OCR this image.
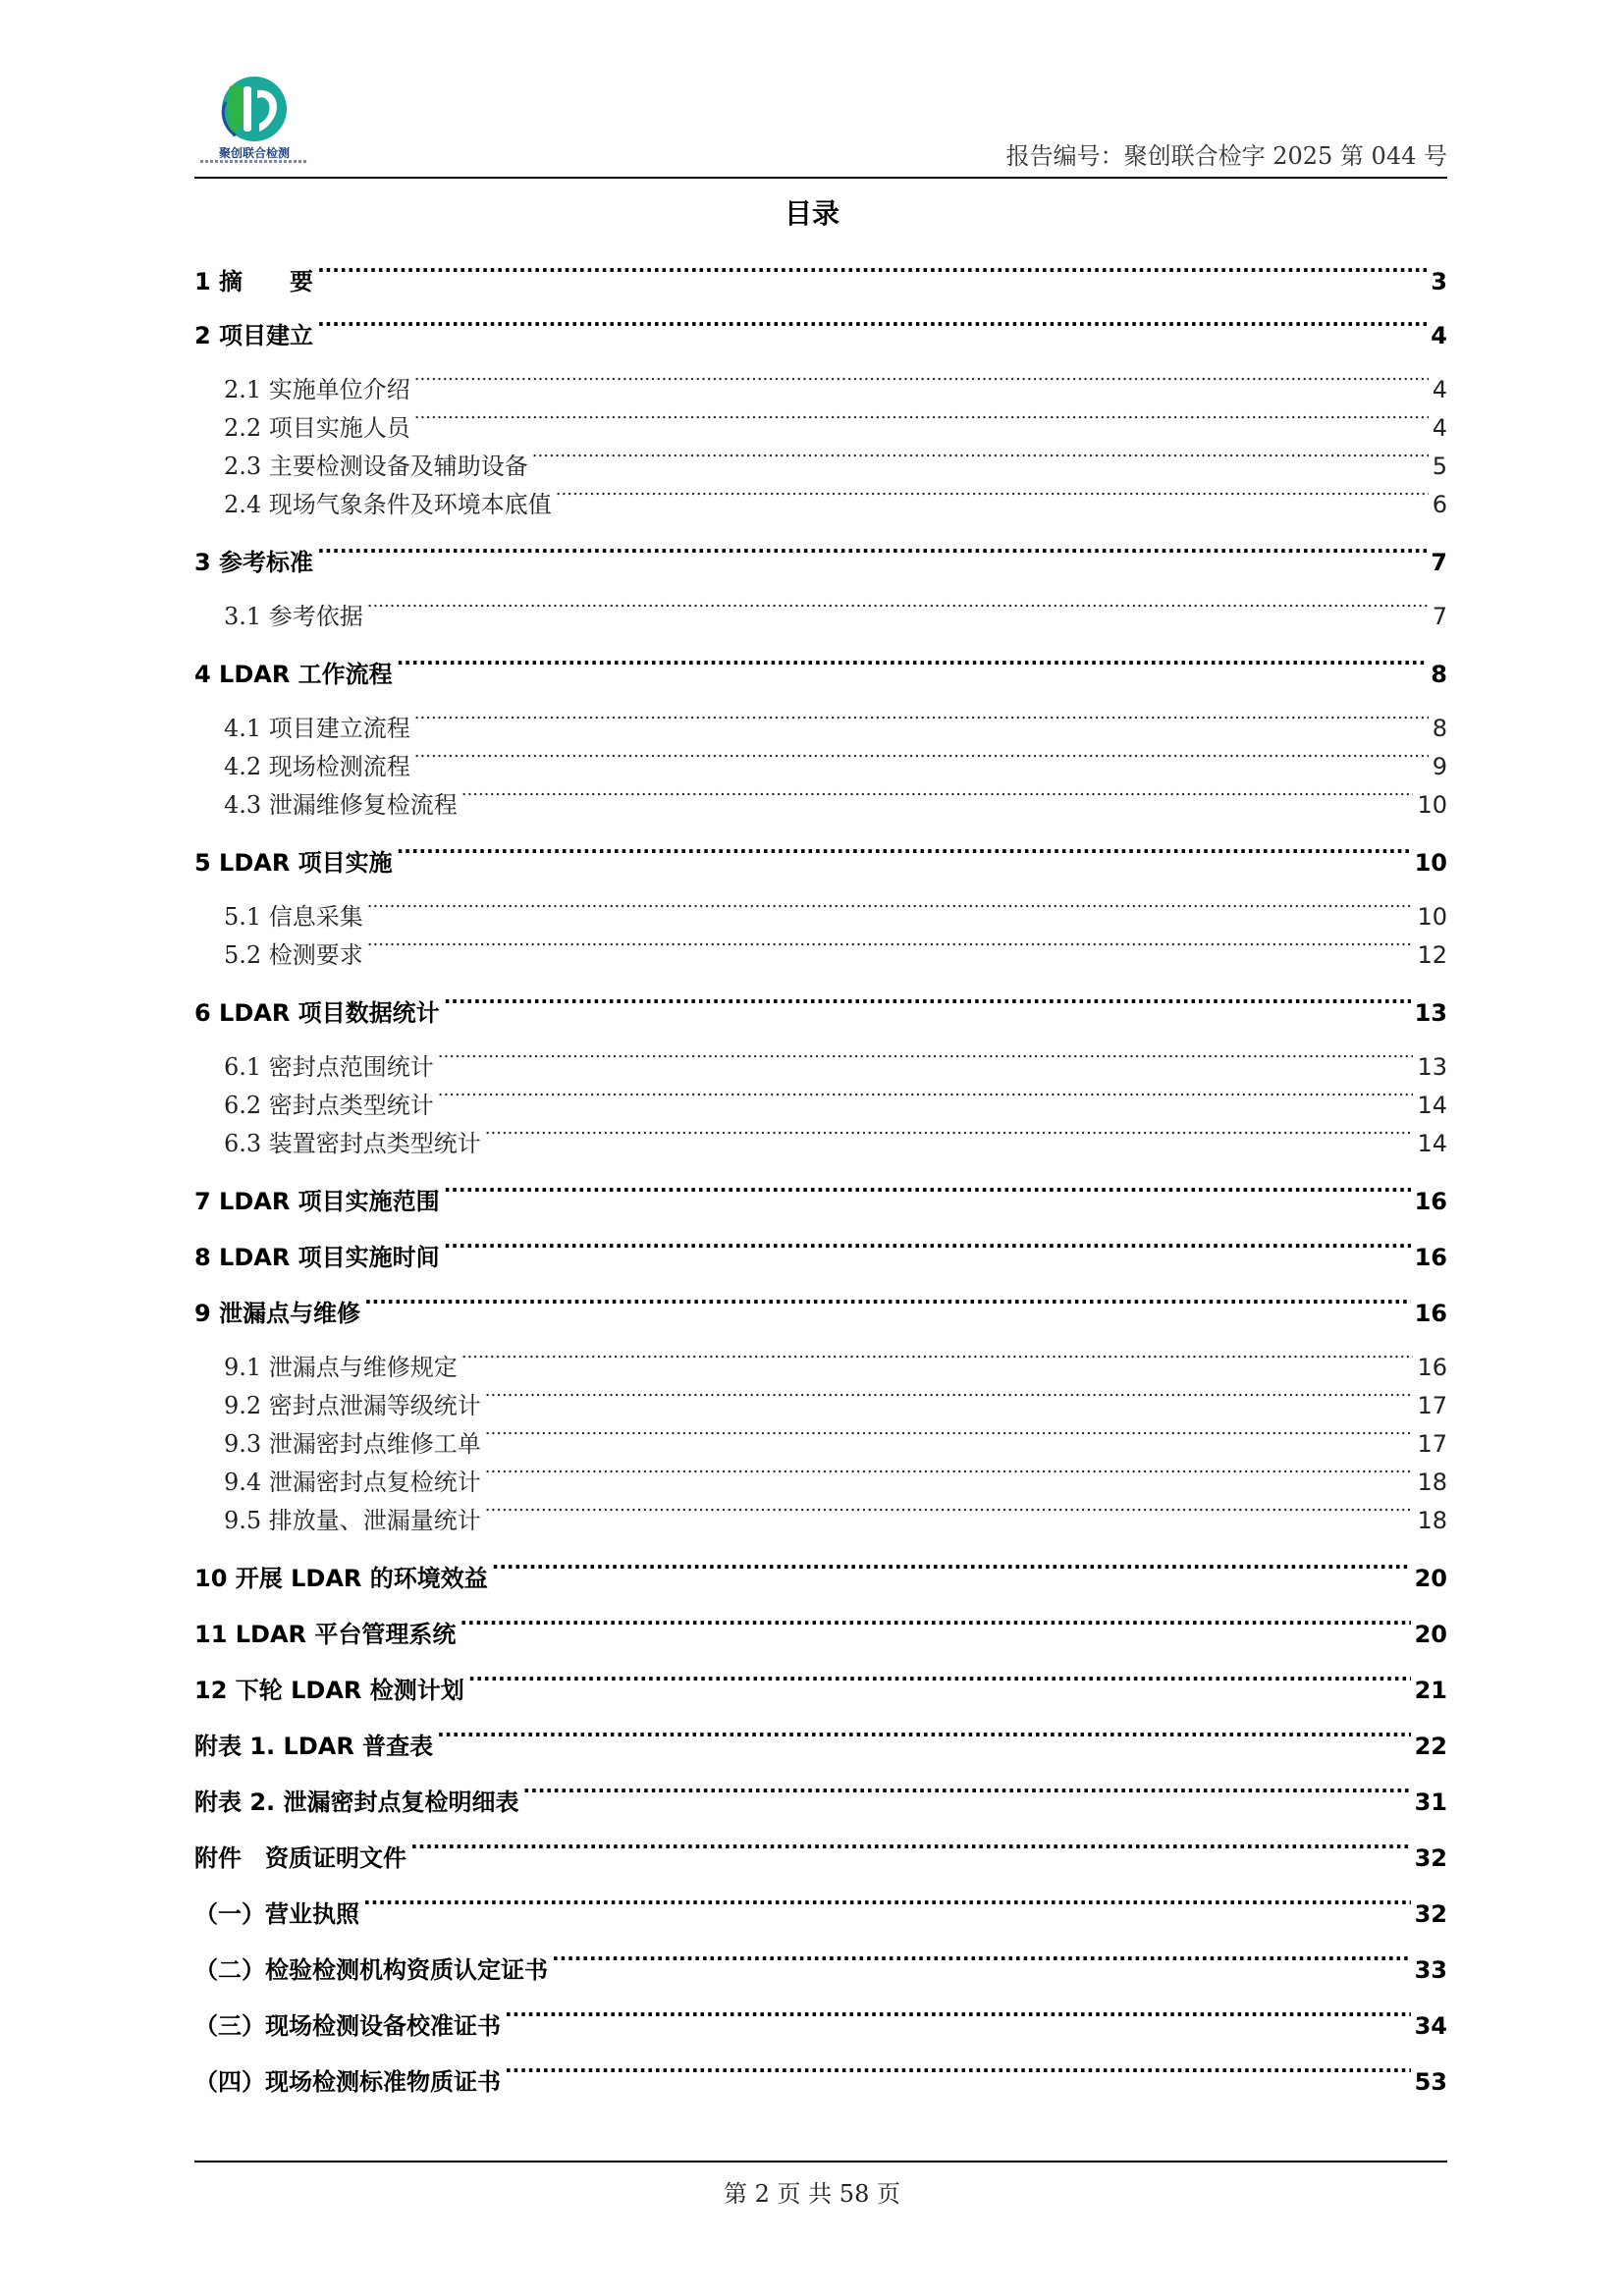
聚创联合检测	报告编号：聚创联合检字 2025 第 044 号
目录
1 摘　　要 .....	3
2 项目建立 .....	4
2.1 实施单位介绍 .....	4
2.2 项目实施人员 .....	4
2.3 主要检测设备及辅助设备 .....	5
2.4 现场气象条件及环境本底值 .....	6
3 参考标准 .....	7
3.1 参考依据 .....	7
4 LDAR 工作流程 .....	8
4.1 项目建立流程 .....	8
4.2 现场检测流程 .....	9
4.3 泄漏维修复检流程 .....	10
5 LDAR 项目实施 .....	10
5.1 信息采集 .....	10
5.2 检测要求 .....	12
6 LDAR 项目数据统计 .....	13
6.1 密封点范围统计 .....	13
6.2 密封点类型统计 .....	14
6.3 装置密封点类型统计 .....	14
7 LDAR 项目实施范围 .....	16
8 LDAR 项目实施时间 .....	16
9 泄漏点与维修 .....	16
9.1 泄漏点与维修规定 .....	16
9.2 密封点泄漏等级统计 .....	17
9.3 泄漏密封点维修工单 .....	17
9.4 泄漏密封点复检统计 .....	18
9.5 排放量、泄漏量统计 .....	18
10 开展 LDAR 的环境效益 .....	20
11 LDAR 平台管理系统 .....	20
12 下轮 LDAR 检测计划 .....	21
附表 1. LDAR 普查表 .....	22
附表 2. 泄漏密封点复检明细表 .....	31
附件　资质证明文件 .....	32
（一）营业执照 .....	32
（二）检验检测机构资质认定证书 .....	33
（三）现场检测设备校准证书 .....	34
（四）现场检测标准物质证书 .....	53
第 2 页 共 58 页
